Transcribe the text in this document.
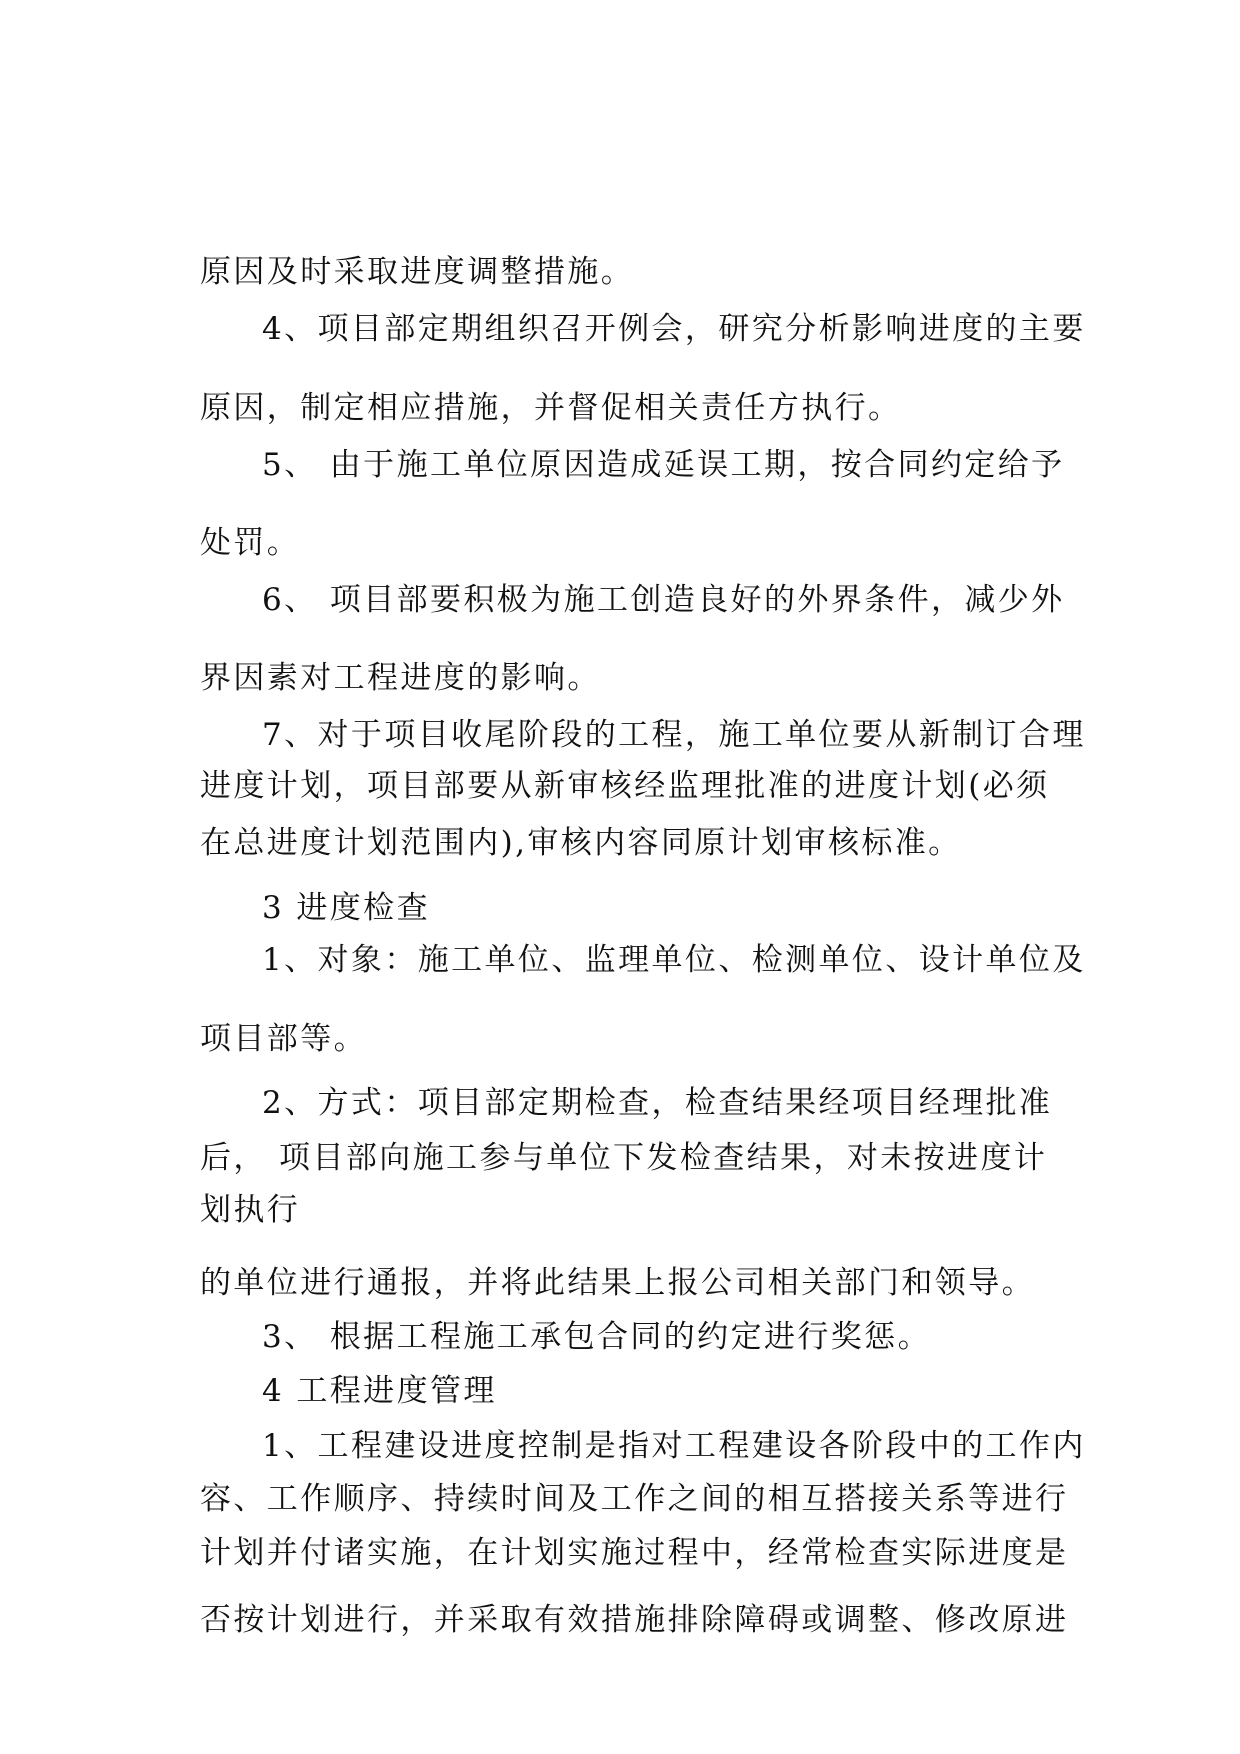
原因及时采取进度调整措施。
4、项目部定期组织召开例会，研究分析影响进度的主要
原因，制定相应措施，并督促相关责任方执行。
5、 由于施工单位原因造成延误工期，按合同约定给予
处罚。
6、 项目部要积极为施工创造良好的外界条件，减少外
界因素对工程进度的影响。
7、对于项目收尾阶段的工程，施工单位要从新制订合理
进度计划，项目部要从新审核经监理批准的进度计划(必须
在总进度计划范围内),审核内容同原计划审核标准。
3 进度检查
1、对象：施工单位、监理单位、检测单位、设计单位及
项目部等。
2、方式：项目部定期检查，检查结果经项目经理批准
后， 项目部向施工参与单位下发检查结果，对未按进度计
划执行
的单位进行通报，并将此结果上报公司相关部门和领导。
3、 根据工程施工承包合同的约定进行奖惩。
4 工程进度管理
1、工程建设进度控制是指对工程建设各阶段中的工作内
容、工作顺序、持续时间及工作之间的相互搭接关系等进行
计划并付诸实施，在计划实施过程中，经常检查实际进度是
否按计划进行，并采取有效措施排除障碍或调整、修改原进
